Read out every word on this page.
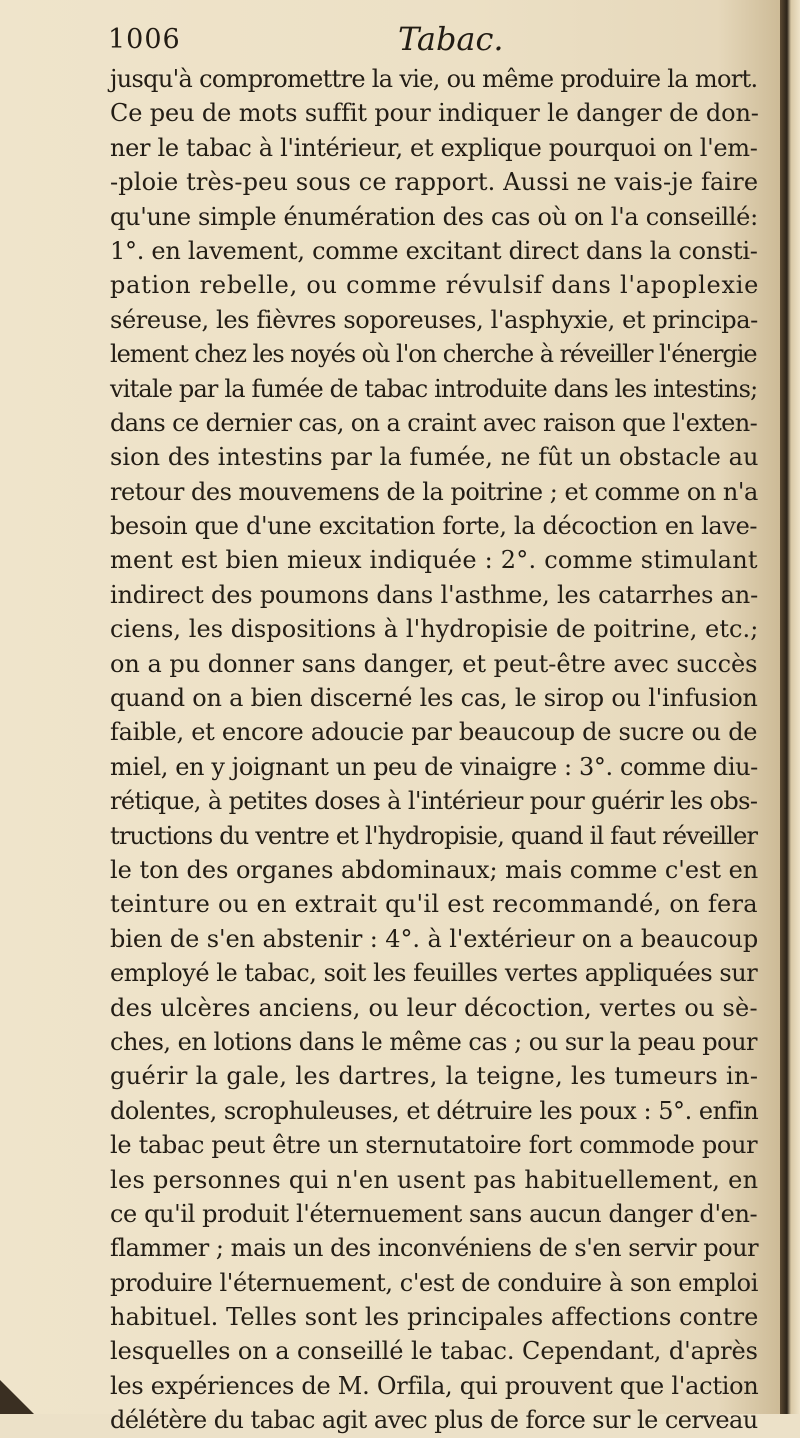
1006	Tabac.
jusqu'à compromettre la vie, ou même produire la mort.
Ce peu de mots suffit pour indiquer le danger de don-
ner le tabac à l'intérieur, et explique pourquoi on l'em-
-ploie très-peu sous ce rapport. Aussi ne vais-je faire
qu'une simple énumération des cas où on l'a conseillé:
1°. en lavement, comme excitant direct dans la consti-
pation rebelle, ou comme révulsif dans l'apoplexie
séreuse, les fièvres soporeuses, l'asphyxie, et principa-
lement chez les noyés où l'on cherche à réveiller l'énergie
vitale par la fumée de tabac introduite dans les intestins;
dans ce dernier cas, on a craint avec raison que l'exten-
sion des intestins par la fumée, ne fût un obstacle au
retour des mouvemens de la poitrine ; et comme on n'a
besoin que d'une excitation forte, la décoction en lave-
ment est bien mieux indiquée : 2°. comme stimulant
indirect des poumons dans l'asthme, les catarrhes an-
ciens, les dispositions à l'hydropisie de poitrine, etc.;
on a pu donner sans danger, et peut-être avec succès
quand on a bien discerné les cas, le sirop ou l'infusion
faible, et encore adoucie par beaucoup de sucre ou de
miel, en y joignant un peu de vinaigre : 3°. comme diu-
rétique, à petites doses à l'intérieur pour guérir les obs-
tructions du ventre et l'hydropisie, quand il faut réveiller
le ton des organes abdominaux; mais comme c'est en
teinture ou en extrait qu'il est recommandé, on fera
bien de s'en abstenir : 4°. à l'extérieur on a beaucoup
employé le tabac, soit les feuilles vertes appliquées sur
des ulcères anciens, ou leur décoction, vertes ou sè-
ches, en lotions dans le même cas ; ou sur la peau pour
guérir la gale, les dartres, la teigne, les tumeurs in-
dolentes, scrophuleuses, et détruire les poux : 5°. enfin
le tabac peut être un sternutatoire fort commode pour
les personnes qui n'en usent pas habituellement, en
ce qu'il produit l'éternuement sans aucun danger d'en-
flammer ; mais un des inconvéniens de s'en servir pour
produire l'éternuement, c'est de conduire à son emploi
habituel. Telles sont les principales affections contre
lesquelles on a conseillé le tabac. Cependant, d'après
les expériences de M. Orfila, qui prouvent que l'action
délétère du tabac agit avec plus de force sur le cerveau
